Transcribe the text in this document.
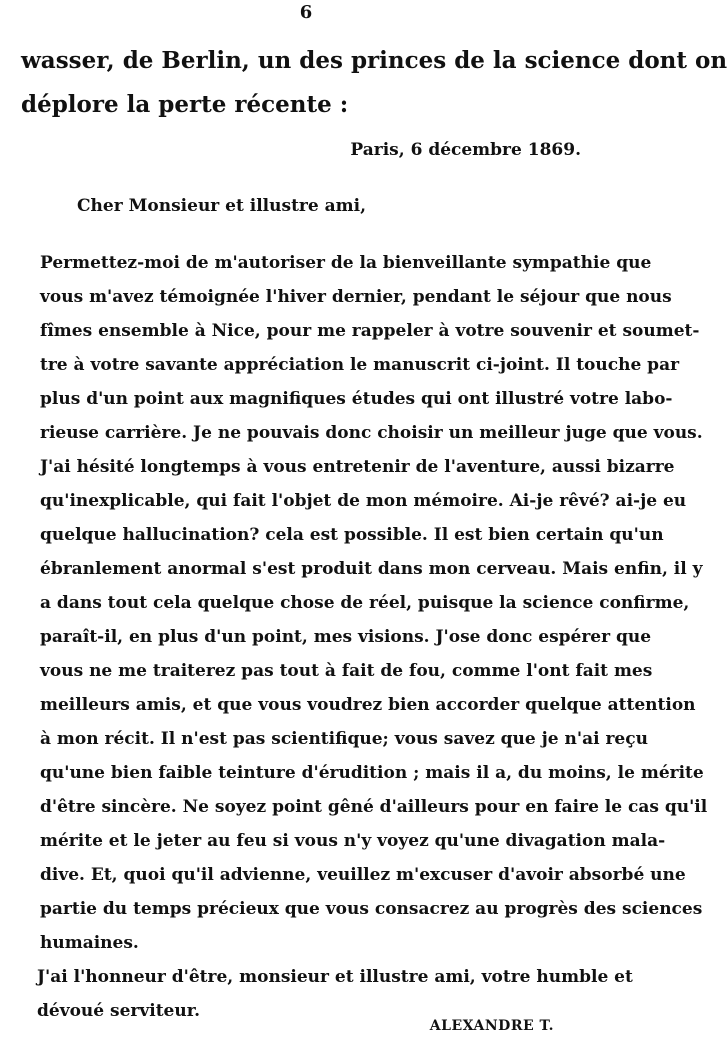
6
wasser, de Berlin, un des princes de la science dont on
déplore la perte récente :
Paris, 6 décembre 1869.
Cher Monsieur et illustre ami,
Permettez-moi de m'autoriser de la bienveillante sympathie que
vous m'avez témoignée l'hiver dernier, pendant le séjour que nous
fîmes ensemble à Nice, pour me rappeler à votre souvenir et soumet-
tre à votre savante appréciation le manuscrit ci-joint. Il touche par
plus d'un point aux magnifiques études qui ont illustré votre labo-
rieuse carrière. Je ne pouvais donc choisir un meilleur juge que vous.
J'ai hésité longtemps à vous entretenir de l'aventure, aussi bizarre
qu'inexplicable, qui fait l'objet de mon mémoire. Ai-je rêvé? ai-je eu
quelque hallucination? cela est possible. Il est bien certain qu'un
ébranlement anormal s'est produit dans mon cerveau. Mais enfin, il y
a dans tout cela quelque chose de réel, puisque la science confirme,
paraît-il, en plus d'un point, mes visions. J'ose donc espérer que
vous ne me traiterez pas tout à fait de fou, comme l'ont fait mes
meilleurs amis, et que vous voudrez bien accorder quelque attention
à mon récit. Il n'est pas scientifique; vous savez que je n'ai reçu
qu'une bien faible teinture d'érudition ; mais il a, du moins, le mérite
d'être sincère. Ne soyez point gêné d'ailleurs pour en faire le cas qu'il
mérite et le jeter au feu si vous n'y voyez qu'une divagation mala-
dive. Et, quoi qu'il advienne, veuillez m'excuser d'avoir absorbé une
partie du temps précieux que vous consacrez au progrès des sciences
humaines.
J'ai l'honneur d'être, monsieur et illustre ami, votre humble et
dévoué serviteur.
ALEXANDRE T.
